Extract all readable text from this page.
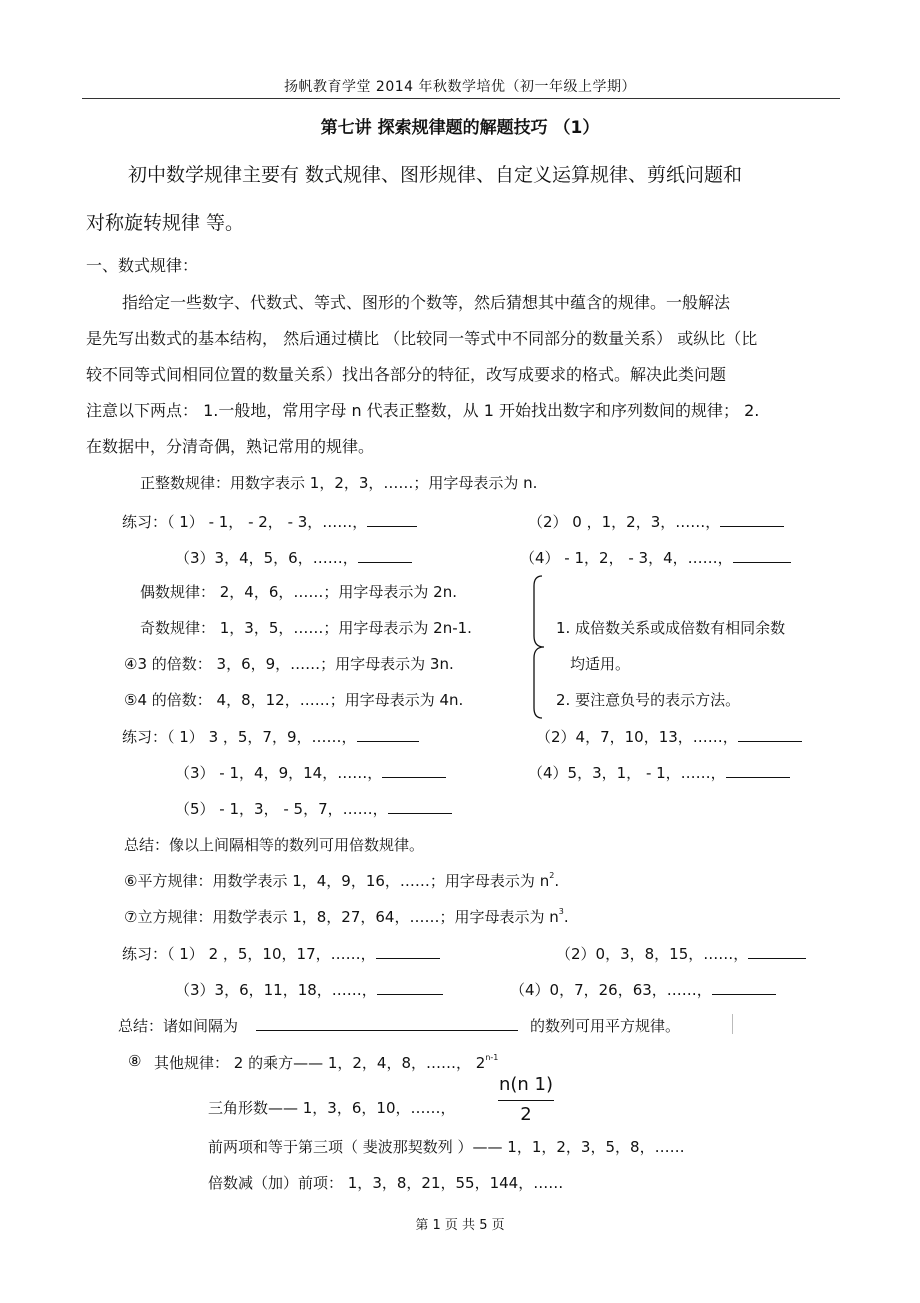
扬帆教育学堂 2014 年秋数学培优（初一年级上学期）
第七讲 探索规律题的解题技巧 （1）
初中数学规律主要有 数式规律、图形规律、自定义运算规律、剪纸问题和
对称旋转规律 等。
一、数式规律：
指给定一些数字、代数式、等式、图形的个数等，然后猜想其中蕴含的规律。一般解法
是先写出数式的基本结构， 然后通过横比 （比较同一等式中不同部分的数量关系） 或纵比（比
较不同等式间相同位置的数量关系）找出各部分的特征，改写成要求的格式。解决此类问题
注意以下两点： 1.一般地，常用字母 n 代表正整数，从 1 开始找出数字和序列数间的规律； 2.
在数据中，分清奇偶，熟记常用的规律。
正整数规律：用数字表示 1，2，3，……；用字母表示为 n.
练习：（ 1） - 1， - 2， - 3，……，	（2） 0 ，1，2，3，……，
（3）3，4，5，6，……，	（4） - 1，2， - 3，4，……，
偶数规律： 2，4，6，……；用字母表示为 2n.
奇数规律： 1，3，5，……；用字母表示为 2n-1.
④3 的倍数： 3，6，9，……；用字母表示为 3n.
⑤4 的倍数： 4，8，12，……；用字母表示为 4n.
1. 成倍数关系或成倍数有相同余数
均适用。
2. 要注意负号的表示方法。
练习：（ 1） 3 ，5，7，9，……，	（2）4，7，10，13，……，
（3） - 1，4，9，14，……，	（4）5，3，1， - 1，……，
（5） - 1，3， - 5，7，……，
总结：像以上间隔相等的数列可用倍数规律。
⑥平方规律：用数学表示 1，4，9，16，……；用字母表示为 $n^2$.
⑦立方规律：用数学表示 1，8，27，64，……；用字母表示为 $n^3$.
练习：（ 1） 2 ，5，10，17，……，	（2）0，3，8，15，……，
（3）3，6，11，18，……，	（4）0，7，26，63，……，
总结：诸如间隔为	的数列可用平方规律。
⑧ 其他规律： 2 的乘方—— 1，2，4，8，……， 2$^{n-1}$
三角形数—— 1，3，6，10，……，
n(n 1)
2
前两项和等于第三项（ 斐波那契数列 ）—— 1，1，2，3，5，8，……
倍数减（加）前项： 1，3，8，21，55，144，……
第 1 页 共 5 页
